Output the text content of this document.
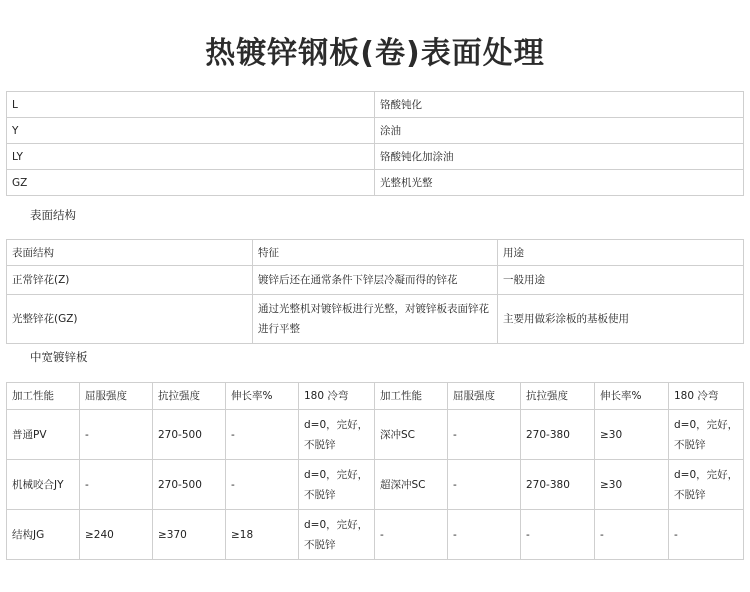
热镀锌钢板(卷)表面处理
L	铬酸钝化
Y	涂油
LY	铬酸钝化加涂油
GZ	光整机光整
表面结构
表面结构	特征	用途
正常锌花(Z)	镀锌后还在通常条件下锌层冷凝而得的锌花	一般用途
光整锌花(GZ)	通过光整机对镀锌板进行光整，对镀锌板表面锌花进行平整	主要用做彩涂板的基板使用
中宽镀锌板
加工性能	屈服强度	抗拉强度	伸长率%	180 冷弯	加工性能	屈服强度	抗拉强度	伸长率%	180 冷弯
普通PV	-	270-500	-	d=0，完好，不脱锌	深冲SC	-	270-380	≥30	d=0，完好，不脱锌
机械咬合JY	-	270-500	-	d=0，完好，不脱锌	超深冲SC	-	270-380	≥30	d=0，完好，不脱锌
结构JG	≥240	≥370	≥18	d=0，完好，不脱锌	-	-	-	-	-
